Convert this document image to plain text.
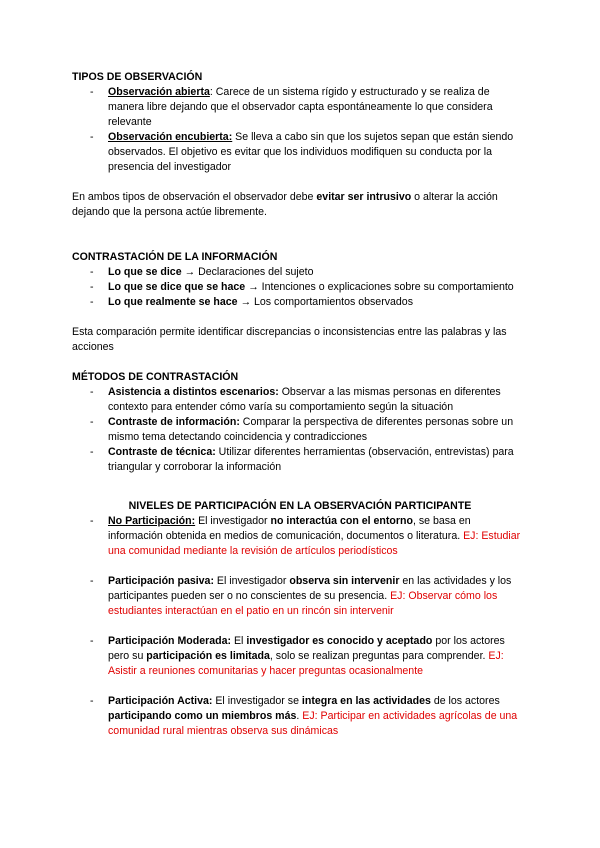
TIPOS DE OBSERVACIÓN
- Observación abierta: Carece de un sistema rígido y estructurado y se realiza de manera libre dejando que el observador capta espontáneamente lo que considera relevante
- Observación encubierta: Se lleva a cabo sin que los sujetos sepan que están siendo observados. El objetivo es evitar que los individuos modifiquen su conducta por la presencia del investigador

En ambos tipos de observación el observador debe evitar ser intrusivo o alterar la acción dejando que la persona actúe libremente.

CONTRASTACIÓN DE LA INFORMACIÓN
- Lo que se dice → Declaraciones del sujeto
- Lo que se dice que se hace → Intenciones o explicaciones sobre su comportamiento
- Lo que realmente se hace → Los comportamientos observados

Esta comparación permite identificar discrepancias o inconsistencias entre las palabras y las acciones

MÉTODOS DE CONTRASTACIÓN
- Asistencia a distintos escenarios: Observar a las mismas personas en diferentes contexto para entender cómo varía su comportamiento según la situación
- Contraste de información: Comparar la perspectiva de diferentes personas sobre un mismo tema detectando coincidencia y contradicciones
- Contraste de técnica: Utilizar diferentes herramientas (observación, entrevistas) para triangular y corroborar la información
NIVELES DE PARTICIPACIÓN EN LA OBSERVACIÓN PARTICIPANTE
- No Participación: El investigador no interactúa con el entorno, se basa en información obtenida en medios de comunicación, documentos o literatura. EJ: Estudiar una comunidad mediante la revisión de artículos periodísticos
- Participación pasiva: El investigador observa sin intervenir en las actividades y los participantes pueden ser o no conscientes de su presencia. EJ: Observar cómo los estudiantes interactúan en el patio en un rincón sin intervenir
- Participación Moderada: El investigador es conocido y aceptado por los actores pero su participación es limitada, solo se realizan preguntas para comprender. EJ: Asistir a reuniones comunitarias y hacer preguntas ocasionalmente
- Participación Activa: El investigador se integra en las actividades de los actores participando como un miembros más. EJ: Participar en actividades agrícolas de una comunidad rural mientras observa sus dinámicas
